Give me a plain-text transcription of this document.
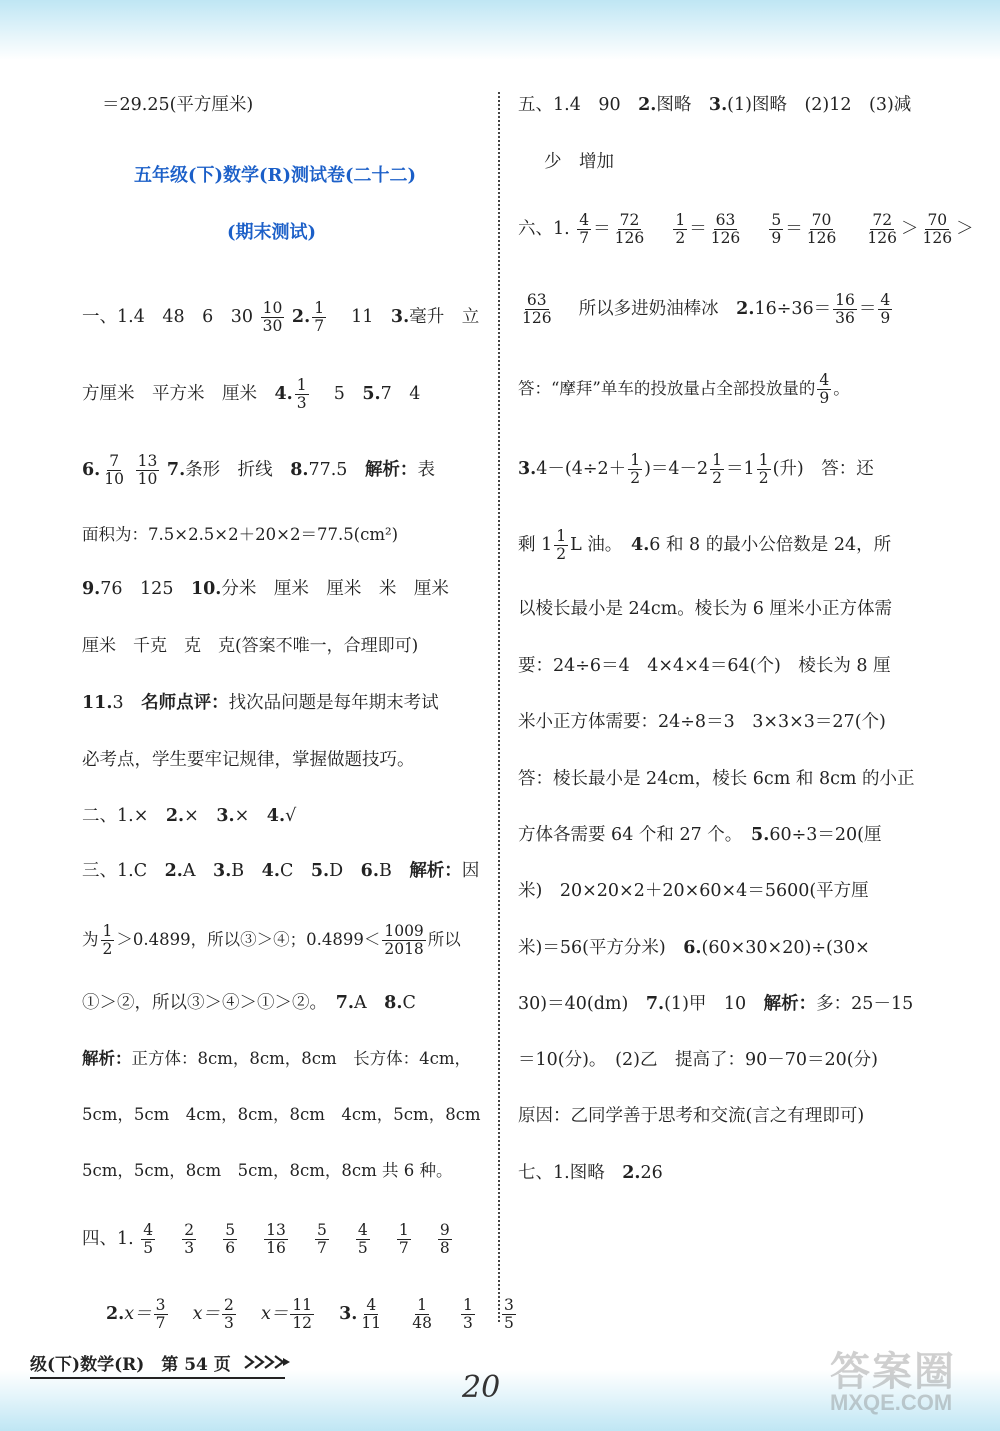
＝29.25(平方厘米)
五年级(下)数学(R)测试卷(二十二)
(期末测试)
一、1.4　48　6　$30 \frac{10}{30} 2$. $\frac{1}{7}$
　 11　 3.毫升　立
方厘米　平方米　厘米　 4. $\frac{1}{3}$
　 5　 5.7　4
6. $\frac{7}{10}$
$\frac{13}{10} 7$.条形　折线　 8.77.5　 解析：表
面积为：7.5×2.5×2＋20×2＝77.5(cm²)
9.76　125　 10.分米　厘米　厘米　米　厘米
厘米　千克　克　克(答案不唯一，合理即可)
11.3　 名师点评：找次品问题是每年期末考试
必考点，学生要牢记规律，掌握做题技巧。
二、1.×　 2.×　 3.×　 4.√
三、1.C　 2.A　 3.B　 4.C　 5.D　 6.B　 解析：因
为 $\frac{1}{2} >0.4899$，所以③＞④；$0.4899< \frac{1009}{2018}$ 所以
①＞②，所以③＞④＞①＞②。　 7.A　 8.C
解析：正方体：8cm，8cm，8cm　长方体：4cm，
5cm，5cm　4cm，8cm，8cm　4cm，5cm，8cm
5cm，5cm，8cm　5cm，8cm，8cm 共 6 种。
四、1. $\frac{4}{5}$
　 $\frac{2}{3}$
　 $\frac{5}{6}$
　 $\frac{13}{16}$
　 $\frac{5}{7}$
　 $\frac{4}{5}$
　 $\frac{1}{7}$
　 $\frac{9}{8}$
$2.x= \frac{3}{7}$
　 $x= \frac{2}{3}$
　 $x= \frac{11}{12}$
　 3. $\frac{4}{11}$
　 $\frac{1}{48}$
　 $\frac{1}{3}$
　 $\frac{3}{5}$
五、1.4　90　 2.图略　 3.(1)图略　(2)12　(3)减
少　增加
六、1. $\frac{4}{7} = \frac{72}{126}$
　 $\frac{1}{2} = \frac{63}{126}$
　 $\frac{5}{9} = \frac{70}{126}$
　 $\frac{72}{126} > \frac{70}{126}$ ＞
$\frac{63}{126}$
　 所以多进奶油棒冰　 $2.16\div 36= \frac{16}{36} = \frac{4}{9}$
答：“摩拜”单车的投放量占全部投放量的 $\frac{4}{9}$ 。
$3.4-(4\div 2+ \frac{1}{2} )=4-2 \frac{1}{2} =1 \frac{1}{2}$ (升)　答：还
剩 $1 \frac{1}{2}$ L 油。　 4.6 和 8 的最小公倍数是 24，所
以棱长最小是 24cm。棱长为 6 厘米小正方体需
要：24÷6＝4　4×4×4＝64(个)　棱长为 8 厘
米小正方体需要：24÷8＝3　3×3×3＝27(个)
答：棱长最小是 24cm，棱长 6cm 和 8cm 的小正
方体各需要 64 个和 27 个。　 5.60÷3＝20(厘
米)　20×20×2＋20×60×4＝5600(平方厘
米)＝56(平方分米)　 6.(60×30×20)÷(30×
30)＝40(dm)　 7.(1)甲　10　 解析：多：25－15
＝10(分)。　(2)乙　提高了：90－70＝20(分)
原因：乙同学善于思考和交流(言之有理即可)
七、1.图略　 2.26
级(下)数学(R)　第 54 页
20	答案圈
MXQE.COM
